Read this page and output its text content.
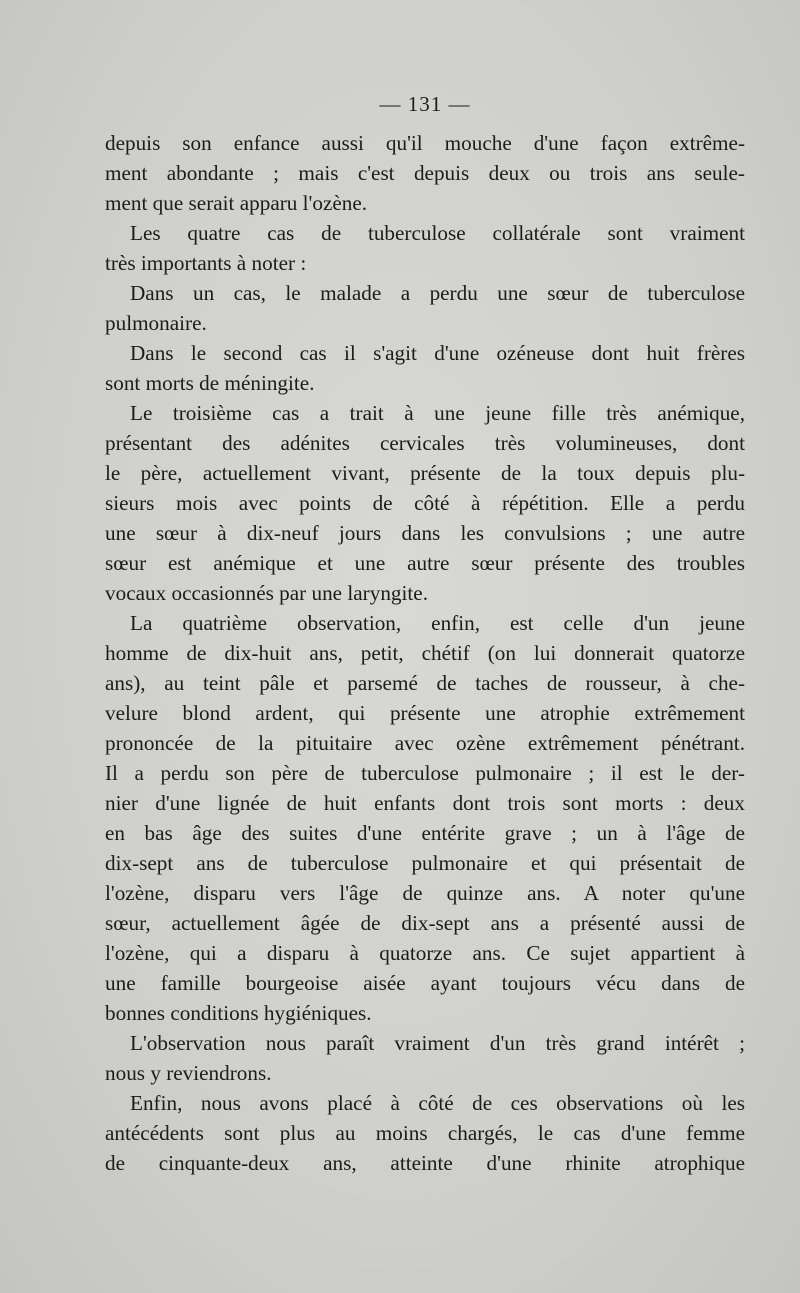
— 131 —
depuis son enfance aussi qu'il mouche d'une façon extrême-
ment abondante ; mais c'est depuis deux ou trois ans seule-
ment que serait apparu l'ozène.
Les quatre cas de tuberculose collatérale sont vraiment
très importants à noter :
Dans un cas, le malade a perdu une sœur de tuberculose
pulmonaire.
Dans le second cas il s'agit d'une ozéneuse dont huit frères
sont morts de méningite.
Le troisième cas a trait à une jeune fille très anémique,
présentant des adénites cervicales très volumineuses, dont
le père, actuellement vivant, présente de la toux depuis plu-
sieurs mois avec points de côté à répétition. Elle a perdu
une sœur à dix-neuf jours dans les convulsions ; une autre
sœur est anémique et une autre sœur présente des troubles
vocaux occasionnés par une laryngite.
La quatrième observation, enfin, est celle d'un jeune
homme de dix-huit ans, petit, chétif (on lui donnerait quatorze
ans), au teint pâle et parsemé de taches de rousseur, à che-
velure blond ardent, qui présente une atrophie extrêmement
prononcée de la pituitaire avec ozène extrêmement pénétrant.
Il a perdu son père de tuberculose pulmonaire ; il est le der-
nier d'une lignée de huit enfants dont trois sont morts : deux
en bas âge des suites d'une entérite grave ; un à l'âge de
dix-sept ans de tuberculose pulmonaire et qui présentait de
l'ozène, disparu vers l'âge de quinze ans. A noter qu'une
sœur, actuellement âgée de dix-sept ans a présenté aussi de
l'ozène, qui a disparu à quatorze ans. Ce sujet appartient à
une famille bourgeoise aisée ayant toujours vécu dans de
bonnes conditions hygiéniques.
L'observation nous paraît vraiment d'un très grand intérêt ;
nous y reviendrons.
Enfin, nous avons placé à côté de ces observations où les
antécédents sont plus au moins chargés, le cas d'une femme
de cinquante-deux ans, atteinte d'une rhinite atrophique
